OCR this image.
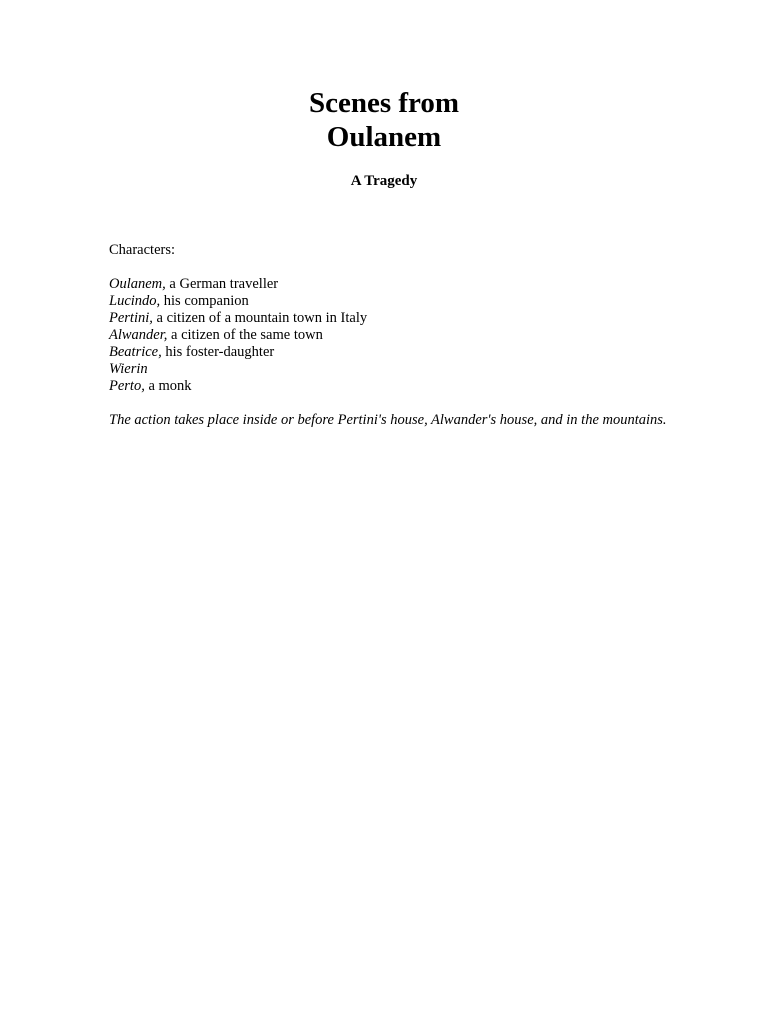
Scenes from
Oulanem
A Tragedy
Characters:
Oulanem, a German traveller
Lucindo, his companion
Pertini, a citizen of a mountain town in Italy
Alwander, a citizen of the same town
Beatrice, his foster-daughter
Wierin
Perto, a monk
The action takes place inside or before Pertini's house, Alwander's house, and in the mountains.
